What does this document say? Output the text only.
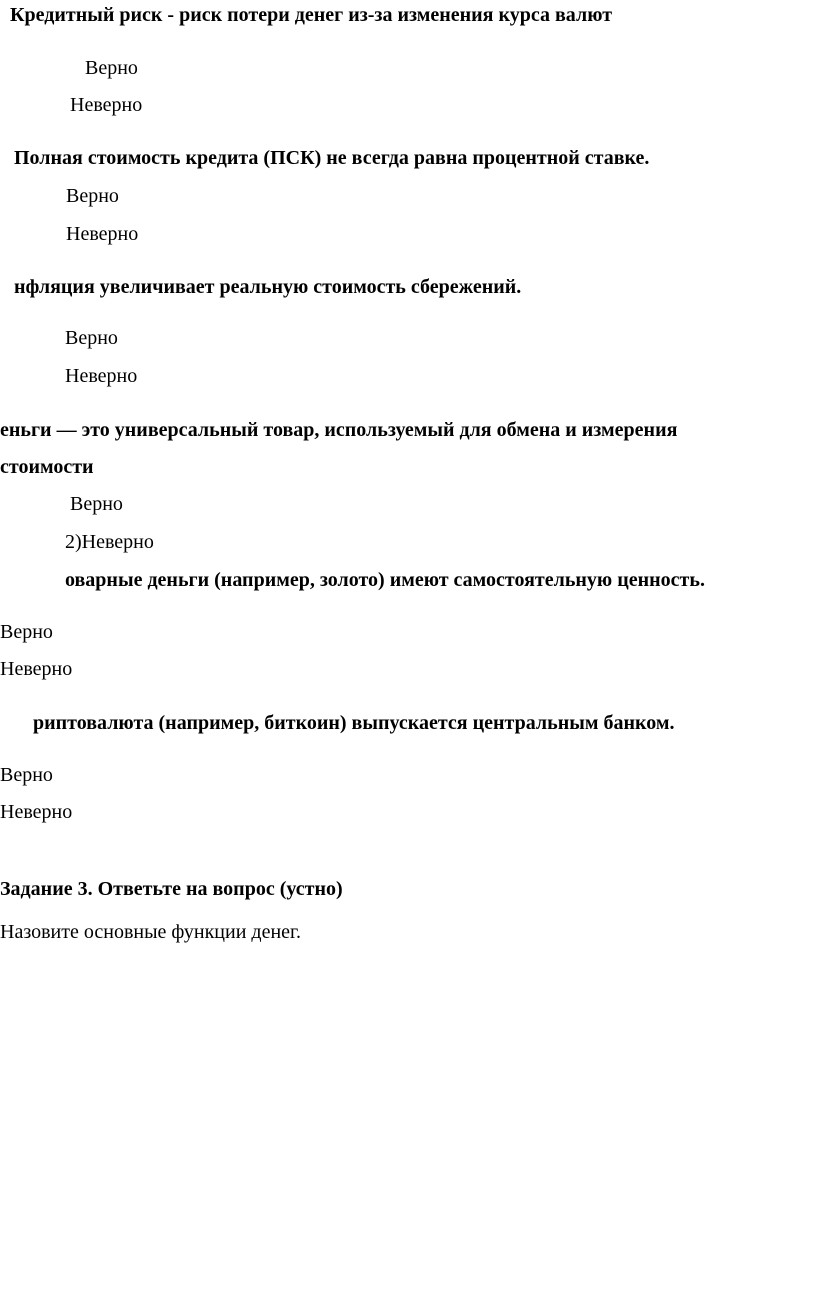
Кредитный риск - риск потери денег из-за изменения курса валют
Верно
Неверно
Полная стоимость кредита (ПСК) не всегда равна процентной ставке.
Верно
Неверно
нфляция увеличивает реальную стоимость сбережений.
Верно
Неверно
еньги — это универсальный товар, используемый для обмена и измерения
стоимости
Верно
2)Неверно
оварные деньги (например, золото) имеют самостоятельную ценность.
Верно
Неверно
риптовалюта (например, биткоин) выпускается центральным банком.
Верно
Неверно
Задание 3. Ответьте на вопрос (устно)
Назовите основные функции денег.
